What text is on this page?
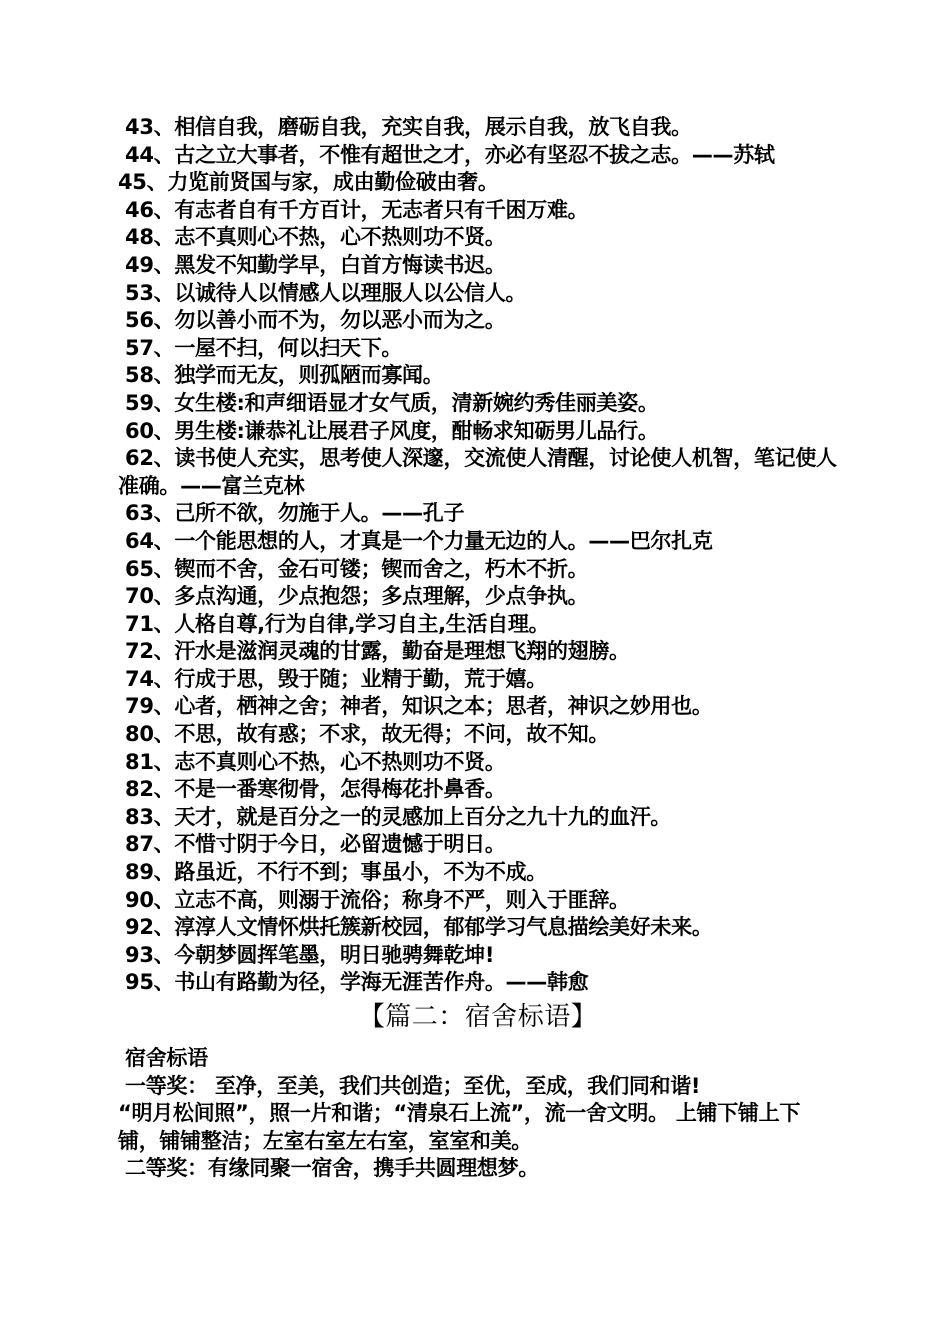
43、相信自我，磨砺自我，充实自我，展示自我，放飞自我。
44、古之立大事者，不惟有超世之才，亦必有坚忍不拔之志。——苏轼
45、力览前贤国与家，成由勤俭破由奢。
46、有志者自有千方百计，无志者只有千困万难。
48、志不真则心不热，心不热则功不贤。
49、黑发不知勤学早，白首方悔读书迟。
53、以诚待人以情感人以理服人以公信人。
56、勿以善小而不为，勿以恶小而为之。
57、一屋不扫，何以扫天下。
58、独学而无友，则孤陋而寡闻。
59、女生楼:和声细语显才女气质，清新婉约秀佳丽美姿。
60、男生楼:谦恭礼让展君子风度，酣畅求知砺男儿品行。
62、读书使人充实，思考使人深邃，交流使人清醒，讨论使人机智，笔记使人准确。——富兰克林
63、己所不欲，勿施于人。——孔子
64、一个能思想的人，才真是一个力量无边的人。——巴尔扎克
65、锲而不舍，金石可镂；锲而舍之，朽木不折。
70、多点沟通，少点抱怨；多点理解，少点争执。
71、人格自尊,行为自律,学习自主,生活自理。
72、汗水是滋润灵魂的甘露，勤奋是理想飞翔的翅膀。
74、行成于思，毁于随；业精于勤，荒于嬉。
79、心者，栖神之舍；神者，知识之本；思者，神识之妙用也。
80、不思，故有惑；不求，故无得；不问，故不知。
81、志不真则心不热，心不热则功不贤。
82、不是一番寒彻骨，怎得梅花扑鼻香。
83、天才，就是百分之一的灵感加上百分之九十九的血汗。
87、不惜寸阴于今日，必留遗憾于明日。
89、路虽近，不行不到；事虽小，不为不成。
90、立志不高，则溺于流俗；称身不严，则入于匪辞。
92、淳淳人文情怀烘托簇新校园，郁郁学习气息描绘美好未来。
93、今朝梦圆挥笔墨，明日驰骋舞乾坤!
95、书山有路勤为径，学海无涯苦作舟。——韩愈
【篇二：宿舍标语】
宿舍标语
一等奖： 至净，至美，我们共创造；至优，至成，我们同和谐!
“明月松间照”，照一片和谐；“清泉石上流”，流一舍文明。 上铺下铺上下铺，铺铺整洁；左室右室左右室，室室和美。
二等奖：有缘同聚一宿舍，携手共圆理想梦。
